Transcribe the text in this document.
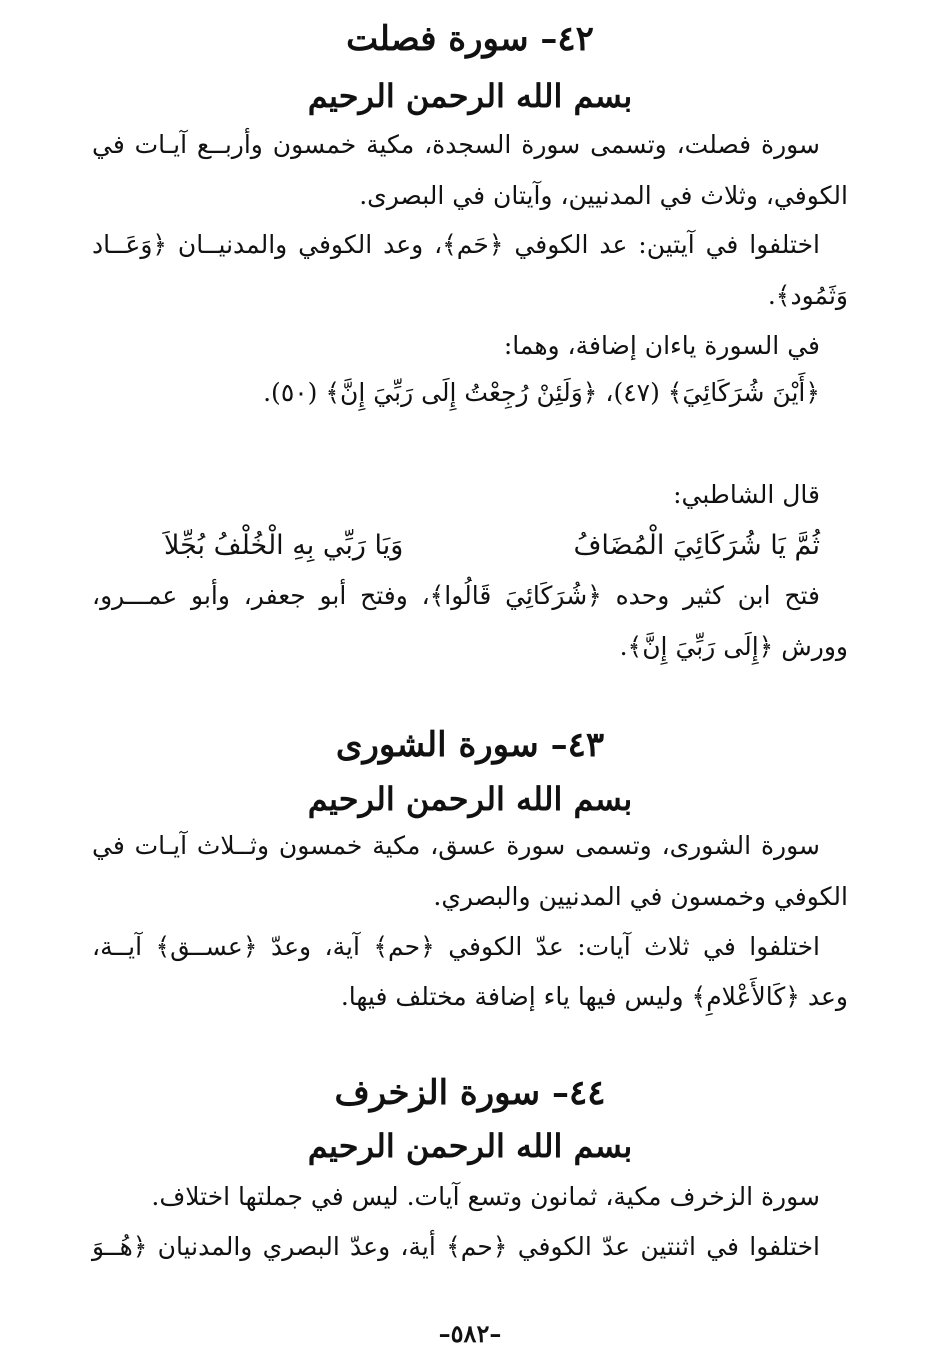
٤٢– سورة فصلت
بسم الله الرحمن الرحيم
سورة فصلت، وتسمى سورة السجدة، مكية خمسون وأربــع آيـات في
الكوفي، وثلاث في المدنيين، وآيتان في البصرى.
اختلفوا في آيتين: عد الكوفي ﴿حَم﴾، وعد الكوفي والمدنيــان ﴿وَعَــاد
وَثَمُود﴾.
في السورة ياءان إضافة، وهما:
﴿أَيْنَ شُرَكَائِيَ﴾ (٤٧)، ﴿وَلَئِنْ رُجِعْتُ إِلَى رَبِّيَ إِنَّ﴾ (٥٠).
قال الشاطبي:
ثُمَّ يَا شُرَكَائِيَ الْمُضَافُ
وَيَا رَبِّي بِهِ الْخُلْفُ بُجِّلاَ
فتح ابن كثير وحده ﴿شُرَكَائِيَ قَالُوا﴾، وفتح أبو جعفر، وأبو عمـــرو،
وورش ﴿إِلَى رَبِّيَ إِنَّ﴾.
٤٣– سورة الشورى
بسم الله الرحمن الرحيم
سورة الشورى، وتسمى سورة عسق، مكية خمسون وثــلاث آيـات في
الكوفي وخمسون في المدنيين والبصري.
اختلفوا في ثلاث آيات: عدّ الكوفي ﴿حم﴾ آية، وعدّ ﴿عســق﴾ آيــة،
وعد ﴿كَالأَعْلامِ﴾ وليس فيها ياء إضافة مختلف فيها.
٤٤– سورة الزخرف
بسم الله الرحمن الرحيم
سورة الزخرف مكية، ثمانون وتسع آيات. ليس في جملتها اختلاف.
اختلفوا في اثنتين عدّ الكوفي ﴿حم﴾ أية، وعدّ البصري والمدنيان ﴿هُــوَ
–٥٨٢–
